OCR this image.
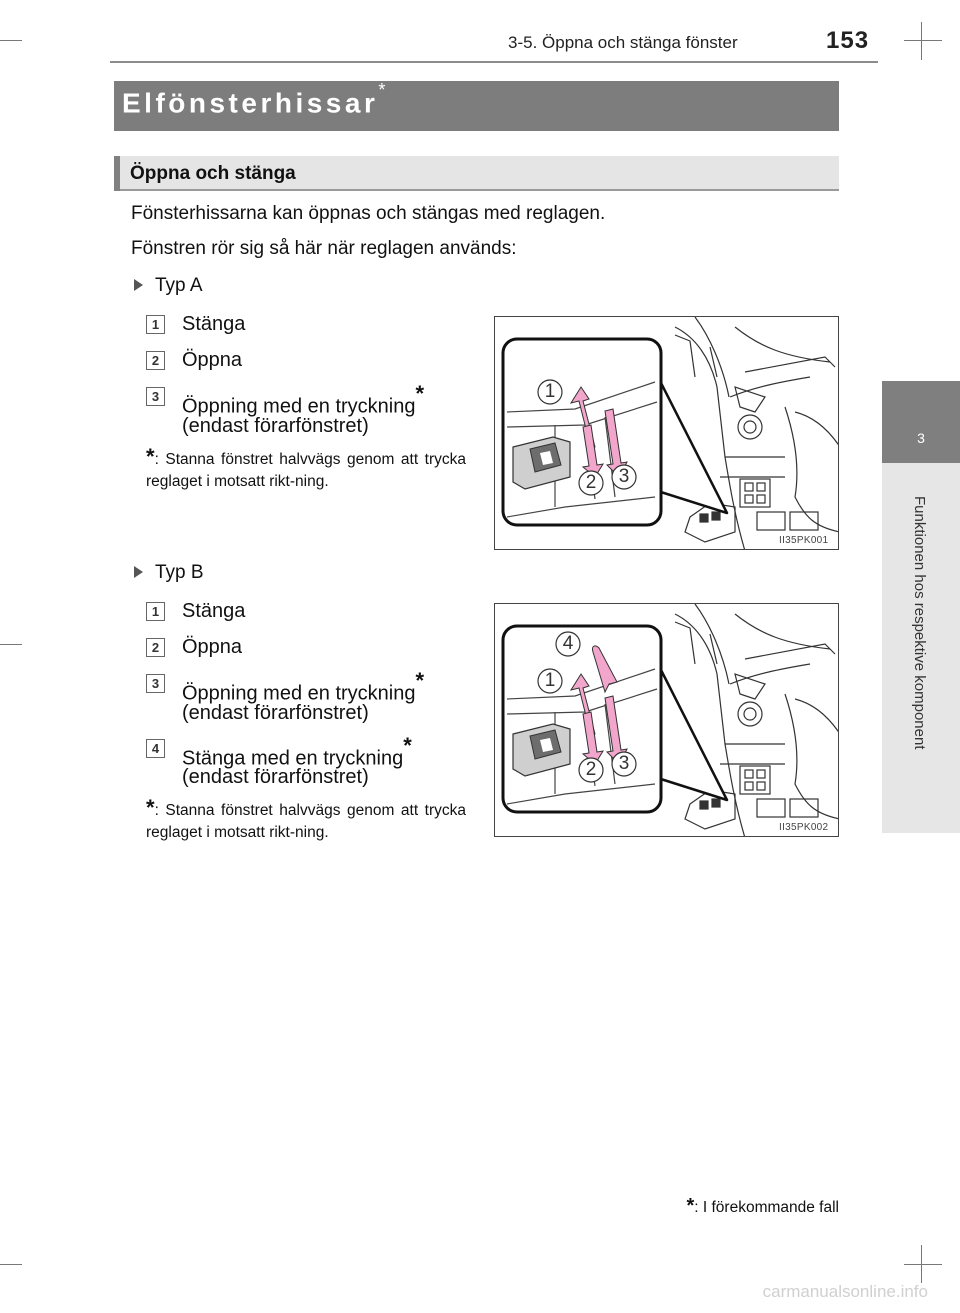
3-5. Öppna och stänga fönster	153
Elfönsterhissar*
Öppna och stänga
Fönsterhissarna kan öppnas och stängas med reglagen.
Fönstren rör sig så här när reglagen används:
3
Funktionen hos respektive komponent
Typ A
1 Stänga
2 Öppna
3 Öppning med en tryckning*
(endast förarfönstret)
*: Stanna fönstret halvvägs genom att trycka reglaget i motsatt rikt-ning.
1
2	3
II35PK001
Typ B
1 Stänga
2 Öppna
3 Öppning med en tryckning*
(endast förarfönstret)
4 Stänga med en tryckning*
(endast förarfönstret)
*: Stanna fönstret halvvägs genom att trycka reglaget i motsatt rikt-ning.
4
1
2	3
II35PK002
*: I förekommande fall
carmanualsonline.info
